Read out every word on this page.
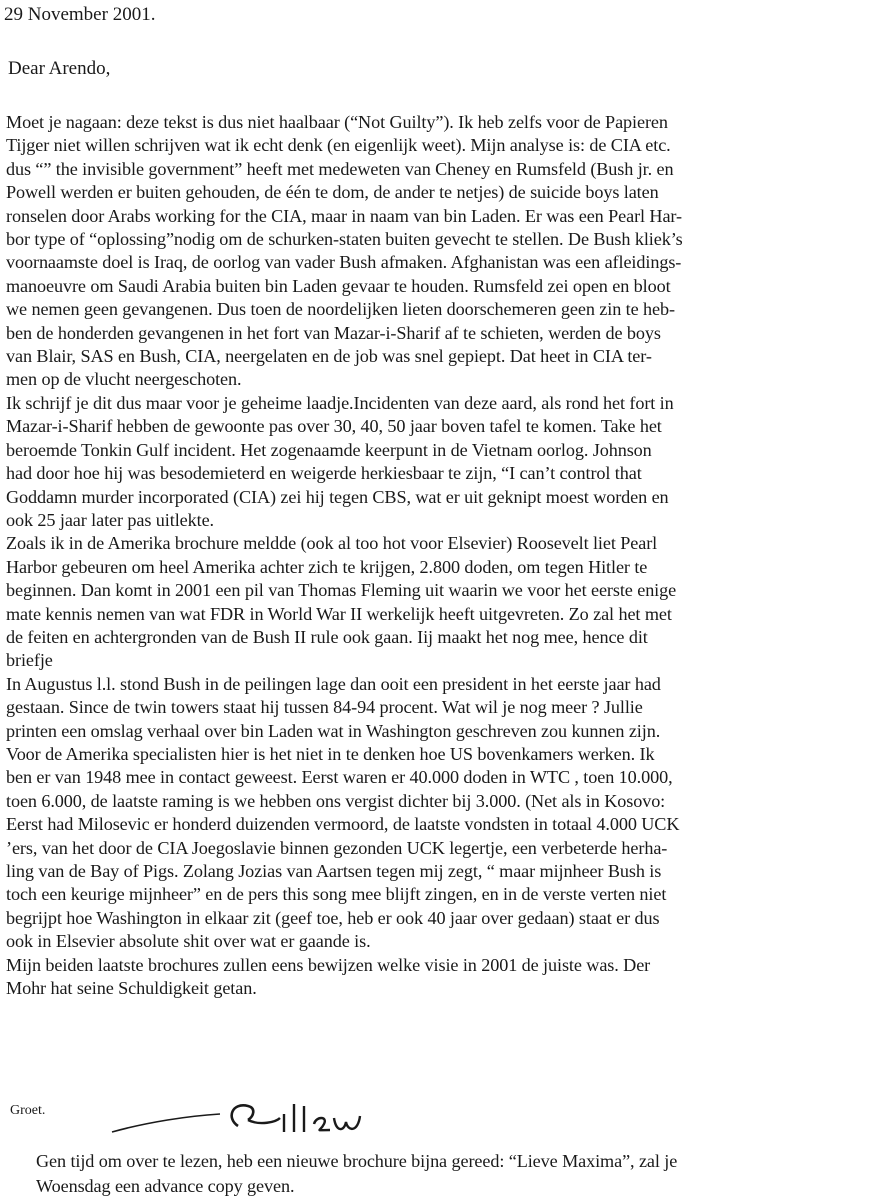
29 November 2001.
Dear Arendo,
Moet je nagaan: deze tekst is dus niet haalbaar (“Not Guilty”). Ik heb zelfs voor de Papieren
Tijger niet willen schrijven wat ik echt denk (en eigenlijk weet). Mijn analyse is: de CIA etc.
dus “” the invisible government” heeft met medeweten van Cheney en Rumsfeld (Bush jr. en
Powell werden er buiten gehouden, de één te dom, de ander te netjes) de suicide boys laten
ronselen door Arabs working for the CIA, maar in naam van bin Laden. Er was een Pearl Har-
bor type of “oplossing”nodig om de schurken-staten buiten gevecht te stellen. De Bush kliek’s
voornaamste doel is Iraq, de oorlog van vader Bush afmaken. Afghanistan was een afleidings-
manoeuvre om Saudi Arabia buiten bin Laden gevaar te houden. Rumsfeld zei open en bloot
we nemen geen gevangenen. Dus toen de noordelijken lieten doorschemeren geen zin te heb-
ben de honderden gevangenen in het fort van Mazar-i-Sharif af te schieten, werden de boys
van Blair, SAS en Bush, CIA, neergelaten en de job was snel gepiept. Dat heet in CIA ter-
men op de vlucht neergeschoten.
Ik schrijf je dit dus maar voor je geheime laadje.Incidenten van deze aard, als rond het fort in
Mazar-i-Sharif hebben de gewoonte pas over 30, 40, 50 jaar boven tafel te komen. Take het
beroemde Tonkin Gulf incident. Het zogenaamde keerpunt in de Vietnam oorlog. Johnson
had door hoe hij was besodemieterd en weigerde herkiesbaar te zijn, “I can’t control that
Goddamn murder incorporated (CIA) zei hij tegen CBS, wat er uit geknipt moest worden en
ook 25 jaar later pas uitlekte.
Zoals ik in de Amerika brochure meldde (ook al too hot voor Elsevier) Roosevelt liet Pearl
Harbor gebeuren om heel Amerika achter zich te krijgen, 2.800 doden, om tegen Hitler te
beginnen. Dan komt in 2001 een pil van Thomas Fleming uit waarin we voor het eerste enige
mate kennis nemen van wat FDR in World War II werkelijk heeft uitgevreten. Zo zal het met
de feiten en achtergronden van de Bush II rule ook gaan. Iij maakt het nog mee, hence dit
briefje
In Augustus l.l. stond Bush in de peilingen lage dan ooit een president in het eerste jaar had
gestaan. Since de twin towers staat hij tussen 84-94 procent. Wat wil je nog meer ? Jullie
printen een omslag verhaal over bin Laden wat in Washington geschreven zou kunnen zijn.
Voor de Amerika specialisten hier is het niet in te denken hoe US bovenkamers werken. Ik
ben er van 1948 mee in contact geweest. Eerst waren er 40.000 doden in WTC , toen 10.000,
toen 6.000, de laatste raming is we hebben ons vergist dichter bij 3.000. (Net als in Kosovo:
Eerst had Milosevic er honderd duizenden vermoord, de laatste vondsten in totaal 4.000 UCK
’ers, van het door de CIA Joegoslavie binnen gezonden UCK legertje, een verbeterde herha-
ling van de Bay of Pigs. Zolang Jozias van Aartsen tegen mij zegt, “ maar mijnheer Bush is
toch een keurige mijnheer” en de pers this song mee blijft zingen, en in de verste verten niet
begrijpt hoe Washington in elkaar zit (geef toe, heb er ook 40 jaar over gedaan) staat er dus
ook in Elsevier absolute shit over wat er gaande is.
Mijn beiden laatste brochures zullen eens bewijzen welke visie in 2001 de juiste was. Der
Mohr hat seine Schuldigkeit getan.
Groet.
Gen tijd om over te lezen, heb een nieuwe brochure bijna gereed: “Lieve Maxima”, zal je
Woensdag een advance copy geven.
